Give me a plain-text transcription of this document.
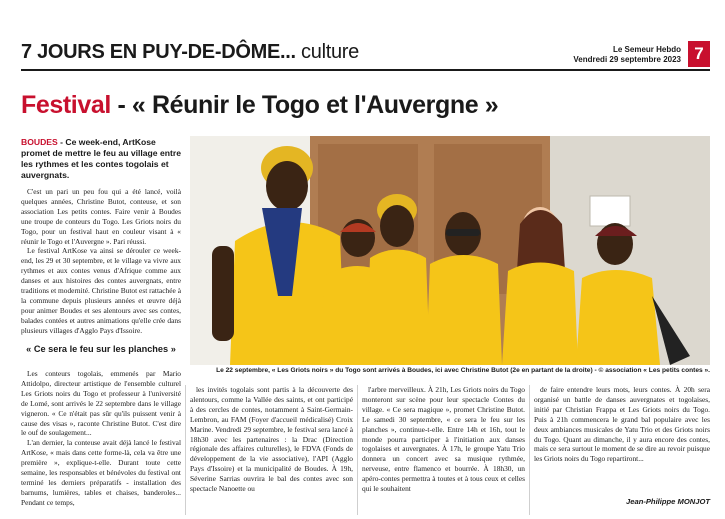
7 JOURS EN PUY-DE-DÔME... culture	Le Semeur Hebdo
Vendredi 29 septembre 2023 7
Festival - « Réunir le Togo et l'Auvergne »
BOUDES - Ce week-end, ArtKose promet de mettre le feu au village entre les rythmes et les contes togolais et auvergnats.

C'est un pari un peu fou qui a été lancé, voilà quelques années, Christine Butot, conteuse, et son association Les petits contes. Faire venir à Boudes une troupe de conteurs du Togo. Les Griots noirs du Togo, pour un festival haut en couleur visant à « réunir le Togo et l'Auvergne ». Pari réussi.

Le festival ArtKose va ainsi se dérouler ce week-end, les 29 et 30 septembre, et le village va vivre aux rythmes et aux contes venus d'Afrique comme aux danses et aux histoires des contes auvergnats, entre traditions et modernité. Christine Butot est rattachée à la commune depuis plusieurs années et œuvre déjà pour animer Boudes et ses alentours avec ses contes, balades contées et autres animations qu'elle crée dans plusieurs villages d'Agglo Pays d'Issoire.

« Ce sera le feu sur les planches »

Les conteurs togolais, emmenés par Mario Attidolpo, directeur artistique de l'ensemble culturel Les Griots noirs du Togo et professeur à l'université de Lomé, sont arrivés le 22 septembre dans le village vigneron. « Ce n'était pas sûr qu'ils puissent venir à cause des visas », raconte Christine Butot. C'est dire le ouf de soulagement...

L'an dernier, la conteuse avait déjà lancé le festival ArtKose, « mais dans cette forme-là, cela va être une première », explique-t-elle. Durant toute cette semaine, les responsables et bénévoles du festival ont terminé les derniers préparatifs - installation des barnums, lumières, tables et chaises, banderoles... Pendant ce temps,

Le 22 septembre, « Les Griots noirs » du Togo sont arrivés à Boudes, ici avec Christine Butot (2e en partant de la droite) - © association « Les petits contes ».

les invités togolais sont partis à la découverte des alentours, comme la Vallée des saints, et ont participé à des cercles de contes, notamment à Saint-Germain-Lembron, au FAM (Foyer d'accueil médicalisé) Croix Marine. Vendredi 29 septembre, le festival sera lancé à 18h30 avec les partenaires : la Drac (Direction régionale des affaires culturelles), le FDVA (Fonds de développement de la vie associative), l'API (Agglo Pays d'Issoire) et la municipalité de Boudes. À 19h, Séverine Sarrias ouvrira le bal des contes avec son spectacle Nanoette ou

l'arbre merveilleux. À 21h, Les Griots noirs du Togo monteront sur scène pour leur spectacle Contes du village. « Ce sera magique », promet Christine Butot. Le samedi 30 septembre, « ce sera le feu sur les planches », continue-t-elle. Entre 14h et 16h, tout le monde pourra participer à l'initiation aux danses togolaises et auvergnates. À 17h, le groupe Yatu Trio donnera un concert avec sa musique rythmée, nerveuse, entre flamenco et bourrée. À 18h30, un apéro-contes permettra à toutes et à tous ceux et celles qui le souhaitent

de faire entendre leurs mots, leurs contes. À 20h sera organisé un battle de danses auvergnates et togolaises, initié par Christian Frappa et Les Griots noirs du Togo. Puis à 21h commencera le grand bal populaire avec les deux ambiances musicales de Yatu Trio et des Griots noirs du Togo. Quant au dimanche, il y aura encore des contes, mais ce sera surtout le moment de se dire au revoir puisque les Griots noirs du Togo repartiront...

Jean-Philippe MONJOT
